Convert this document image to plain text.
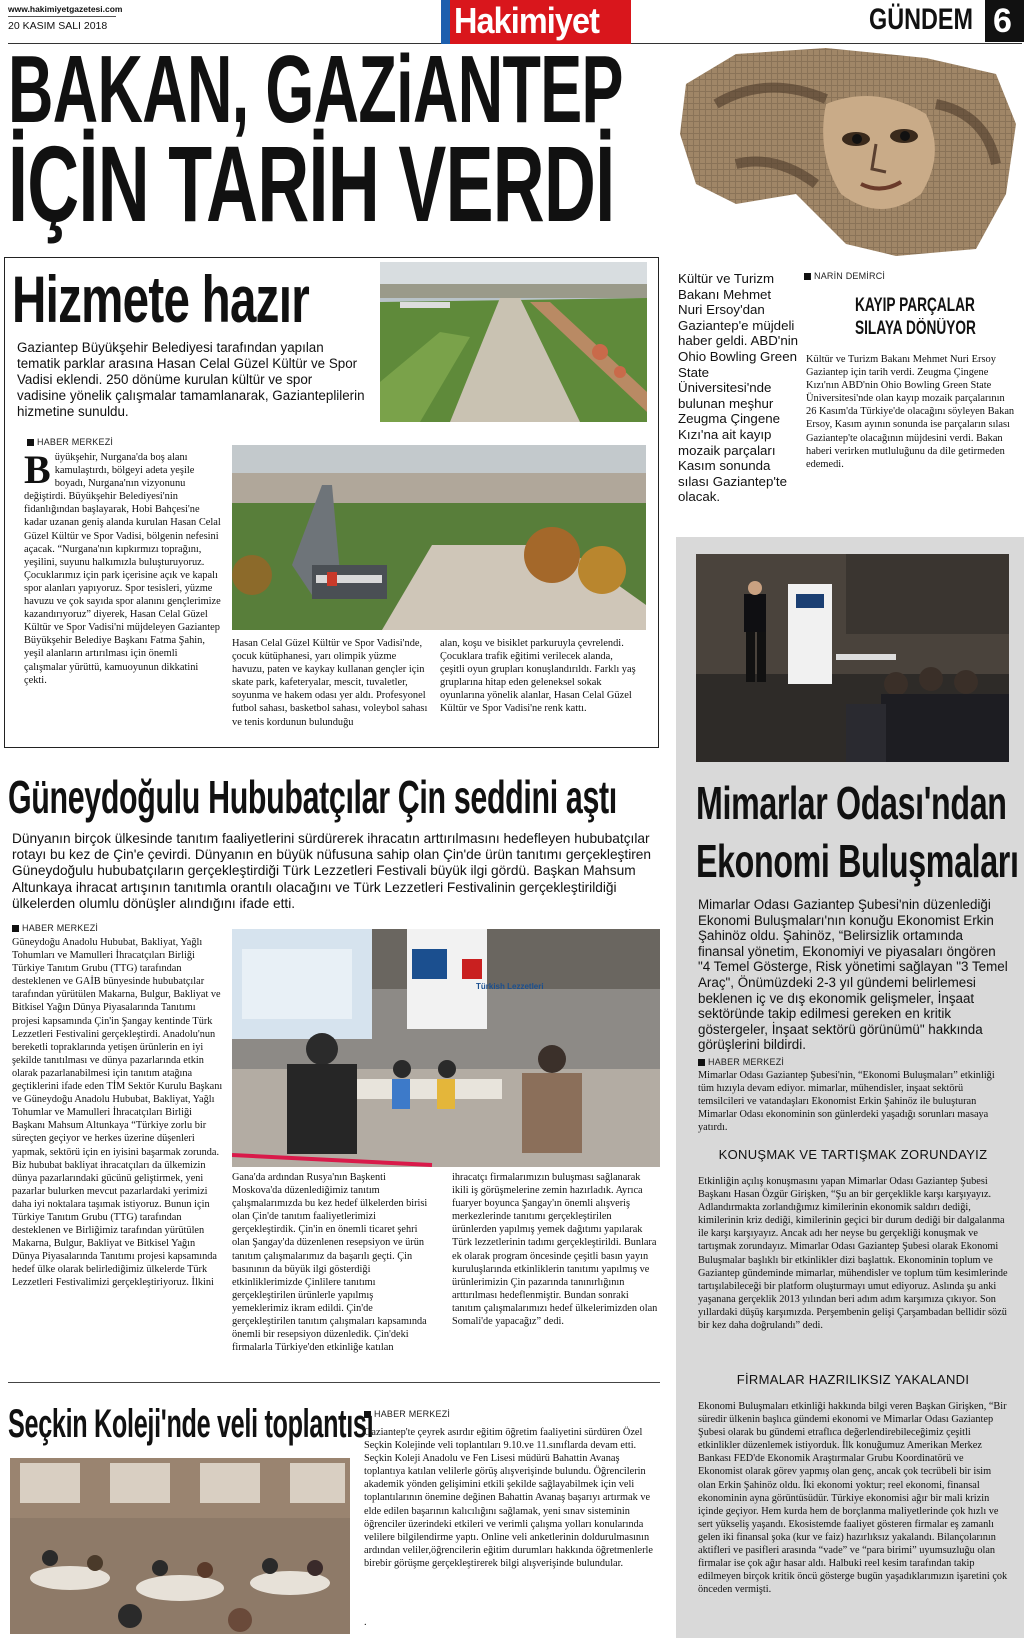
www.hakimiyetgazetesi.com
20 KASIM SALI 2018	Hakimiyet	GÜNDEM 6
BAKAN, GAZiANTEP
İÇİN TARİH VERDİ
Hizmete hazır
Gaziantep Büyükşehir Belediyesi tarafından yapılan tematik parklar arasına Hasan Celal Güzel Kültür ve Spor Vadisi eklendi. 250 dönüme kurulan kültür ve spor vadisine yönelik çalışmalar tamamlanarak, Gazianteplilerin hizmetine sunuldu.
HABER MERKEZİ
Büyükşehir, Nurgana'da boş alanı kamulaştırdı, bölgeyi adeta yeşile boyadı, Nurgana'nın vizyonunu değiştirdi. Büyükşehir Belediyesi'nin fidanlığından başlayarak, Hobi Bahçesi'ne kadar uzanan geniş alanda kurulan Hasan Celal Güzel Kültür ve Spor Vadisi, bölgenin nefesini açacak. “Nurgana'nın kıpkırmızı toprağını, yeşilini, suyunu halkımızla buluşturuyoruz. Çocuklarımız için park içerisine açık ve kapalı spor alanları yapıyoruz. Spor tesisleri, yüzme havuzu ve çok sayıda spor alanını gençlerimize kazandırıyoruz” diyerek, Hasan Celal Güzel Kültür ve Spor Vadisi'ni müjdeleyen Gaziantep Büyükşehir Belediye Başkanı Fatma Şahin, yeşil alanların artırılması için önemli çalışmalar yürüttü, kamuoyunun dikkatini çekti.
Hasan Celal Güzel Kültür ve Spor Vadisi'nde, çocuk kütüphanesi, yarı olimpik yüzme havuzu, paten ve kaykay kullanan gençler için skate park, kafeteryalar, mescit, tuvaletler, soyunma ve hakem odası yer aldı. Profesyonel futbol sahası, basketbol sahası, voleybol sahası ve tenis kordunun bulunduğu
alan, koşu ve bisiklet parkuruyla çevrelendi. Çocuklara trafik eğitimi verilecek alanda, çeşitli oyun grupları konuşlandırıldı. Farklı yaş gruplarına hitap eden geleneksel sokak oyunlarına yönelik alanlar, Hasan Celal Güzel Kültür ve Spor Vadisi'ne renk kattı.
Kültür ve Turizm Bakanı Mehmet Nuri Ersoy'dan Gaziantep'e müjdeli haber geldi. ABD'nin Ohio Bowling Green State Üniversitesi'nde bulunan meşhur Zeugma Çingene Kızı'na ait kayıp mozaik parçaları Kasım sonunda sılası Gaziantep'te olacak.
NARİN DEMİRCİ
KAYIP PARÇALAR
SILAYA DÖNÜYOR
Kültür ve Turizm Bakanı Mehmet Nuri Ersoy Gaziantep için tarih verdi. Zeugma Çingene Kızı'nın ABD'nin Ohio Bowling Green State Üniversitesi'nde olan kayıp mozaik parçalarının 26 Kasım'da Türkiye'de olacağını söyleyen Bakan Ersoy, Kasım ayının sonunda ise parçaların sılası Gaziantep'te olacağının müjdesini verdi. Bakan haberi verirken mutluluğunu da dile getirmeden edemedi.
Mimarlar Odası'ndan
Ekonomi Buluşmaları
Mimarlar Odası Gaziantep Şubesi'nin düzenlediği Ekonomi Buluşmaları'nın konuğu Ekonomist Erkin Şahinöz oldu. Şahinöz, “Belirsizlik ortamında finansal yönetim, Ekonomiyi ve piyasaları öngören "4 Temel Gösterge, Risk yönetimi sağlayan "3 Temel Araç", Önümüzdeki 2-3 yıl gündemi belirlemesi beklenen iç ve dış ekonomik gelişmeler, İnşaat sektöründe takip edilmesi gereken en kritik göstergeler, İnşaat sektörü görünümü" hakkında görüşlerini bildirdi.
HABER MERKEZİ
Mimarlar Odası Gaziantep Şubesi'nin, “Ekonomi Buluşmaları” etkinliği tüm hızıyla devam ediyor. mimarlar, mühendisler, inşaat sektörü temsilcileri ve vatandaşları Ekonomist Erkin Şahinöz ile buluşturan Mimarlar Odası ekonominin son günlerdeki yaşadığı sorunları masaya yatırdı.
KONUŞMAK VE TARTIŞMAK ZORUNDAYIZ
Etkinliğin açılış konuşmasını yapan Mimarlar Odası Gaziantep Şubesi Başkanı Hasan Özgür Girişken, “Şu an bir gerçeklikle karşı karşıyayız. Adlandırmakta zorlandığımız kimilerinin ekonomik saldırı dediği, kimilerinin kriz dediği, kimilerinin geçici bir durum dediği bir dalgalanma ile karşı karşıyayız. Ancak adı her neyse bu gerçekliği konuşmak ve tartışmak zorundayız. Mimarlar Odası Gaziantep Şubesi olarak Ekonomi Buluşmalar başlıklı bir etkinlikler dizi başlattık. Ekonominin toplum ve Gaziantep gündeminde mimarlar, mühendisler ve toplum tüm kesimlerinde tartışılabileceği bir platform oluşturmayı umut ediyoruz. Aslında şu anki yaşanana gerçeklik 2013 yılından beri adım adım karşımıza çıkıyor. Son yıllardaki düşüş karşımızda. Perşembenin gelişi Çarşambadan bellidir sözü bir kez daha doğrulandı” dedi.
FİRMALAR HAZRILIKSIZ YAKALANDI
Ekonomi Buluşmaları etkinliği hakkında bilgi veren Başkan Girişken, “Bir süredir ülkenin başlıca gündemi ekonomi ve Mimarlar Odası Gaziantep Şubesi olarak bu gündemi etraflıca değerlendirebileceğimiz çeşitli etkinlikler düzenlemek istiyorduk. İlk konuğumuz Amerikan Merkez Bankası FED'de Ekonomik Araştırmalar Grubu Koordinatörü ve Ekonomist olarak görev yapmış olan genç, ancak çok tecrübeli bir isim olan Erkin Şahinöz oldu. İki ekonomi yoktur; reel ekonomi, finansal ekonominin ayna görüntüsüdür. Türkiye ekonomisi ağır bir mali krizin içinde geçiyor. Hem kurda hem de borçlanma maliyetlerinde çok hızlı ve sert yükseliş yaşandı. Ekosistemde faaliyet gösteren firmalar eş zamanlı gelen iki finansal şoka (kur ve faiz) hazırlıksız yakalandı. Bilançolarının aktifleri ve pasifleri arasında “vade” ve “para birimi” uyumsuzluğu olan firmalar ise çok ağır hasar aldı. Halbuki reel kesim tarafından takip edilmeyen birçok kritik öncü gösterge bugün yaşadıklarımızın işaretini çok önceden vermişti.
Güneydoğulu Hububatçılar Çin seddini aştı
Dünyanın birçok ülkesinde tanıtım faaliyetlerini sürdürerek ihracatın arttırılmasını hedefleyen hububatçılar rotayı bu kez de Çin'e çevirdi. Dünyanın en büyük nüfusuna sahip olan Çin'de ürün tanıtımı gerçekleştiren Güneydoğulu hububatçıların gerçekleştirdiği Türk Lezzetleri Festivali büyük ilgi gördü. Başkan Mahsum Altunkaya ihracat artışının tanıtımla orantılı olacağını ve Türk Lezzetleri Festivalinin gerçekleştirildiği ülkelerden olumlu dönüşler alındığını ifade etti.
HABER MERKEZİ
Güneydoğu Anadolu Hububat, Bakliyat, Yağlı Tohumları ve Mamulleri İhracatçıları Birliği Türkiye Tanıtım Grubu (TTG) tarafından desteklenen ve GAİB bünyesinde hububatçılar tarafından yürütülen Makarna, Bulgur, Bakliyat ve Bitkisel Yağın Dünya Piyasalarında Tanıtımı projesi kapsamında Çin'in Şangay kentinde Türk Lezzetleri Festivalini gerçekleştirdi. Anadolu'nun bereketli topraklarında yetişen ürünlerin en iyi şekilde tanıtılması ve dünya pazarlarında etkin olarak pazarlanabilmesi için tanıtım atağına geçtiklerini ifade eden TİM Sektör Kurulu Başkanı ve Güneydoğu Anadolu Hububat, Bakliyat, Yağlı Tohumlar ve Mamulleri İhracatçıları Birliği Başkanı Mahsum Altunkaya “Türkiye zorlu bir süreçten geçiyor ve herkes üzerine düşenleri yapmak, sektörü için en iyisini başarmak zorunda. Biz hububat bakliyat ihracatçıları da ülkemizin dünya pazarlarındaki gücünü geliştirmek, yeni pazarlar bulurken mevcut pazarlardaki yerimizi daha iyi noktalara taşımak istiyoruz. Bunun için Türkiye Tanıtım Grubu (TTG) tarafından desteklenen ve Birliğimiz tarafından yürütülen Makarna, Bulgur, Bakliyat ve Bitkisel Yağın Dünya Piyasalarında Tanıtımı projesi kapsamında hedef ülke olarak belirlediğimiz ülkelerde Türk Lezzetleri Festivalimizi gerçekleştiriyoruz. İlkini
Türkish Lezzetleri
Gana'da ardından Rusya'nın Başkenti Moskova'da düzenlediğimiz tanıtım çalışmalarımızda bu kez hedef ülkelerden birisi olan Çin'de tanıtım faaliyetlerimizi gerçekleştirdik. Çin'in en önemli ticaret şehri olan Şangay'da düzenlenen resepsiyon ve ürün tanıtım çalışmalarımız da başarılı geçti. Çin basınının da büyük ilgi gösterdiği etkinliklerimizde Çinlilere tanıtımı gerçekleştirilen ürünlerle yapılmış yemeklerimiz ikram edildi. Çin'de gerçekleştirilen tanıtım çalışmaları kapsamında önemli bir resepsiyon düzenledik. Çin'deki firmalarla Türkiye'den etkinliğe katılan
ihracatçı firmalarımızın buluşması sağlanarak ikili iş görüşmelerine zemin hazırladık. Ayrıca fuaryer boyunca Şangay'ın önemli alışveriş merkezlerinde tanıtımı gerçekleştirilen ürünlerden yapılmış yemek dağıtımı yapılarak Türk lezzetlerinin tadımı gerçekleştirildi. Bunlara ek olarak program öncesinde çeşitli basın yayın kuruluşlarında etkinliklerin tanıtımı yapılmış ve ürünlerimizin Çin pazarında tanınırlığının arttırılması hedeflenmiştir. Bundan sonraki tanıtım çalışmalarımızı hedef ülkelerimizden olan Somali'de yapacağız” dedi.
Seçkin Koleji'nde veli toplantısı HABER MERKEZİ
Gaziantep'te çeyrek asırdır eğitim öğretim faaliyetini sürdüren Özel Seçkin Kolejinde veli toplantıları 9.10.ve 11.sınıflarda devam etti. Seçkin Koleji Anadolu ve Fen Lisesi müdürü Bahattin Avanaş toplantıya katılan velilerle görüş alışverişinde bulundu. Öğrencilerin akademik yönden gelişimini etkili şekilde sağlayabilmek için veli toplantılarının önemine değinen Bahattin Avanaş başarıyı artırmak ve elde edilen başarının kalıcılığını sağlamak, yeni sınav sisteminin öğrenciler üzerindeki etkileri ve verimli çalışma yolları konularında velilere bilgilendirme yaptı. Online veli anketlerinin doldurulmasının ardından veliler,öğrencilerin eğitim durumları hakkında öğretmenlerle birebir görüşme gerçekleştirerek bilgi alışverişinde bulundular.
.
